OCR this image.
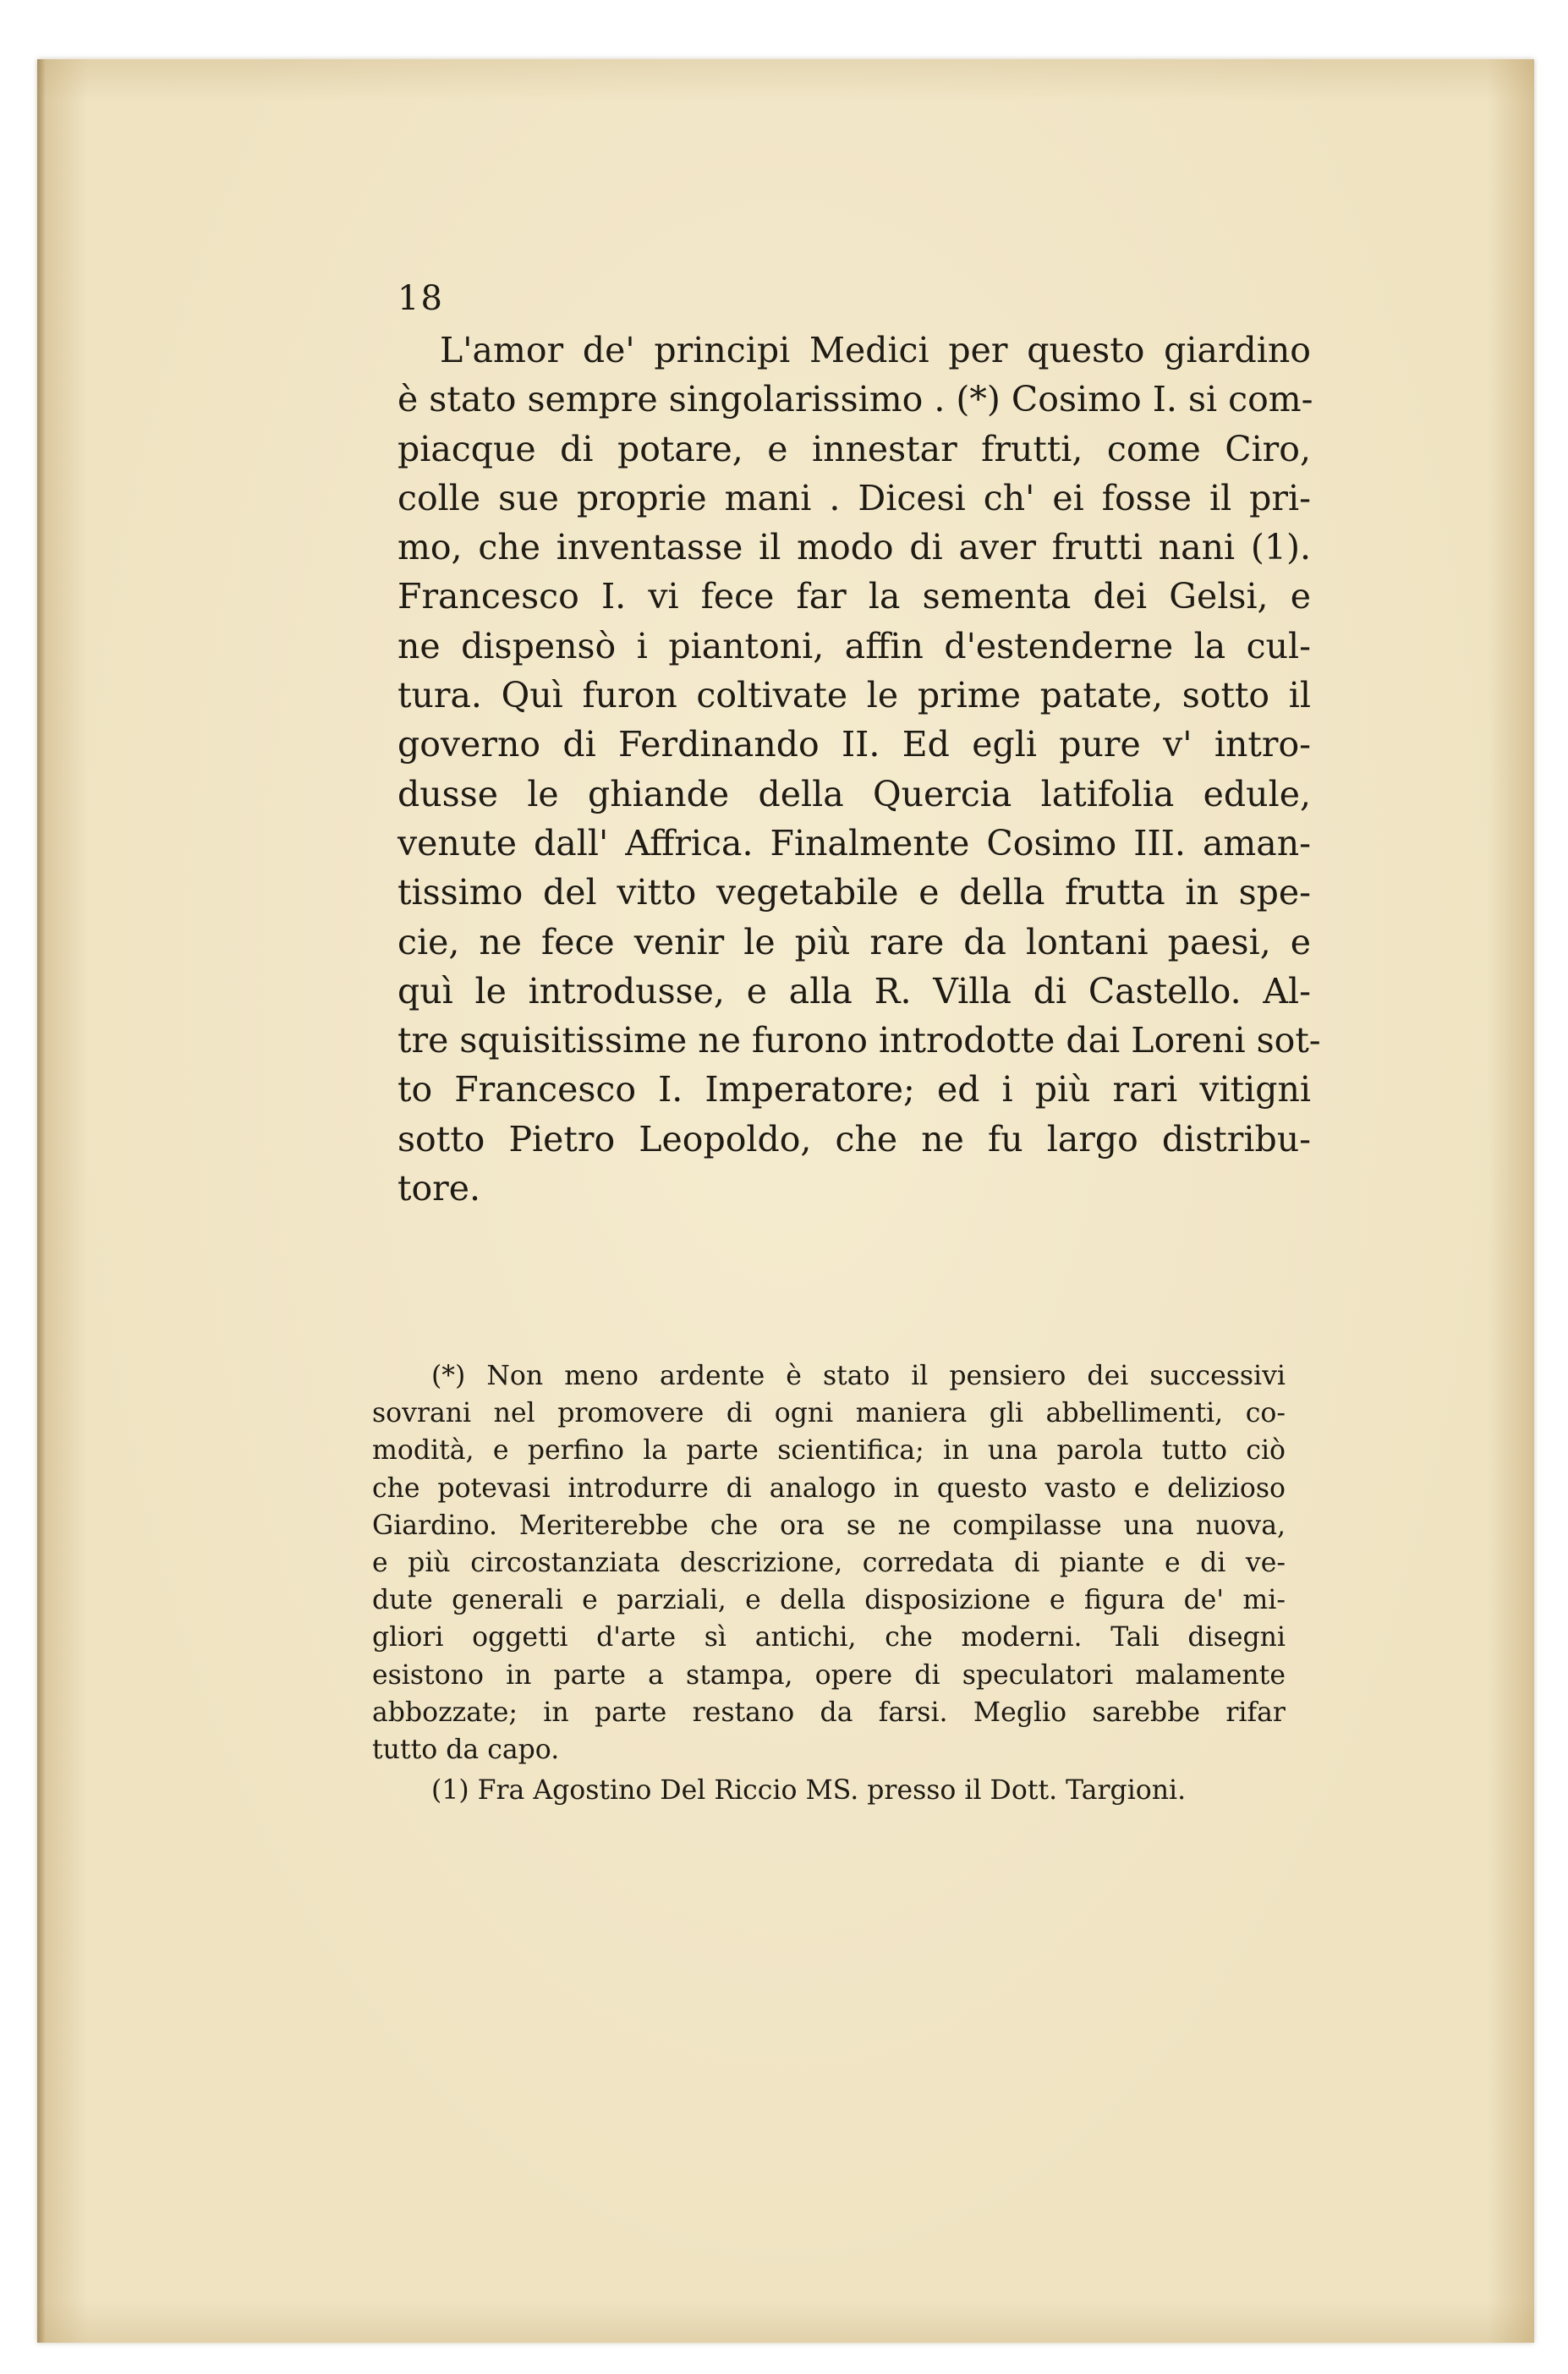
18
L'amor de' principi Medici per questo giardino
è stato sempre singolarissimo . (*) Cosimo I. si com-
piacque di potare, e innestar frutti, come Ciro,
colle sue proprie mani . Dicesi ch' ei fosse il pri-
mo, che inventasse il modo di aver frutti nani (1).
Francesco I. vi fece far la sementa dei Gelsi, e
ne dispensò i piantoni, affin d'estenderne la cul-
tura. Quì furon coltivate le prime patate, sotto il
governo di Ferdinando II. Ed egli pure v' intro-
dusse le ghiande della Quercia latifolia edule,
venute dall' Affrica. Finalmente Cosimo III. aman-
tissimo del vitto vegetabile e della frutta in spe-
cie, ne fece venir le più rare da lontani paesi, e
quì le introdusse, e alla R. Villa di Castello. Al-
tre squisitissime ne furono introdotte dai Loreni sot-
to Francesco I. Imperatore; ed i più rari vitigni
sotto Pietro Leopoldo, che ne fu largo distribu-
tore.
(*) Non meno ardente è stato il pensiero dei successivi
sovrani nel promovere di ogni maniera gli abbellimenti, co-
modità, e perfino la parte scientifica; in una parola tutto ciò
che potevasi introdurre di analogo in questo vasto e delizioso
Giardino. Meriterebbe che ora se ne compilasse una nuova,
e più circostanziata descrizione, corredata di piante e di ve-
dute generali e parziali, e della disposizione e figura de' mi-
gliori oggetti d'arte sì antichi, che moderni. Tali disegni
esistono in parte a stampa, opere di speculatori malamente
abbozzate; in parte restano da farsi. Meglio sarebbe rifar
tutto da capo.
(1) Fra Agostino Del Riccio MS. presso il Dott. Targioni.
